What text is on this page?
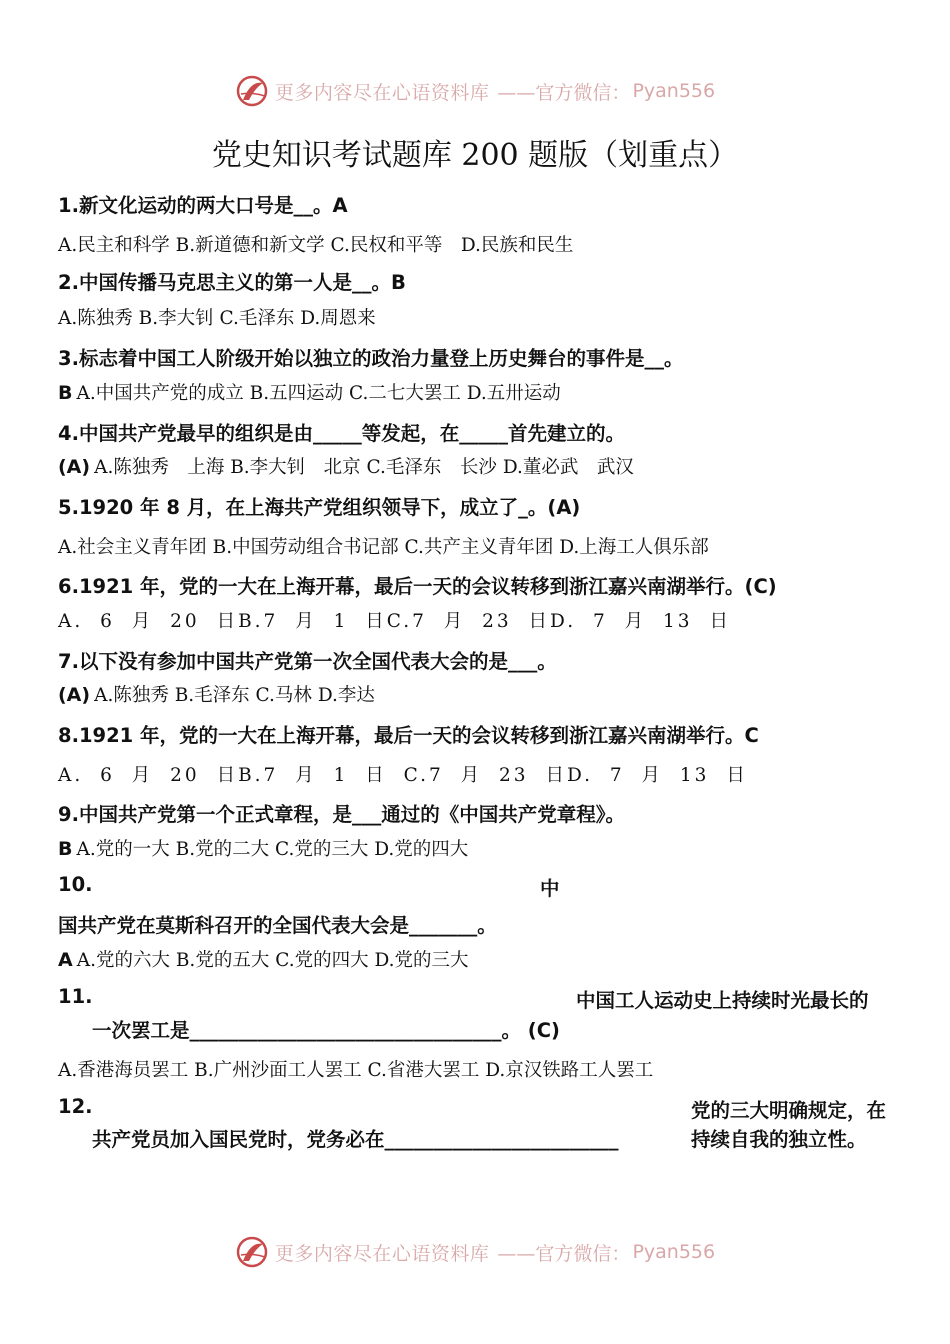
更多内容尽在心语资料库 ——官方微信： Pyan556
党史知识考试题库 200 题版（划重点）
1.新文化运动的两大口号是__。A
A.民主和科学 B.新道德和新文学 C.民权和平等　D.民族和民生
2.中国传播马克思主义的第一人是__。B
A.陈独秀 B.李大钊 C.毛泽东 D.周恩来
3.标志着中国工人阶级开始以独立的政治力量登上历史舞台的事件是__。
B A.中国共产党的成立 B.五四运动 C.二七大罢工 D.五卅运动
4.中国共产党最早的组织是由_____等发起，在_____首先建立的。
(A) A.陈独秀　上海 B.李大钊　北京 C.毛泽东　长沙 D.董必武　武汉
5.1920 年 8 月，在上海共产党组织领导下，成立了_。(A)
A.社会主义青年团 B.中国劳动组合书记部 C.共产主义青年团 D.上海工人俱乐部
6.1921 年，党的一大在上海开幕，最后一天的会议转移到浙江嘉兴南湖举行。(C)
A. 6 月 20 日B.7 月 1 日C.7 月 23 日D. 7 月 13 日
7.以下没有参加中国共产党第一次全国代表大会的是___。
(A) A.陈独秀 B.毛泽东 C.马林 D.李达
8.1921 年，党的一大在上海开幕，最后一天的会议转移到浙江嘉兴南湖举行。C
A. 6 月 20 日B.7 月 1 日 C.7 月 23 日D. 7 月 13 日
9.中国共产党第一个正式章程，是___通过的《中国共产党章程》。
B A.党的一大 B.党的二大 C.党的三大 D.党的四大
10.	中
国共产党在莫斯科召开的全国代表大会是_______。
A A.党的六大 B.党的五大 C.党的四大 D.党的三大
11.	中国工人运动史上持续时光最长的
一次罢工是________________________________。 (C)
A.香港海员罢工 B.广州沙面工人罢工 C.省港大罢工 D.京汉铁路工人罢工
12.	党的三大明确规定，在
共产党员加入国民党时，党务必在________________________	持续自我的独立性。
更多内容尽在心语资料库 ——官方微信： Pyan556
